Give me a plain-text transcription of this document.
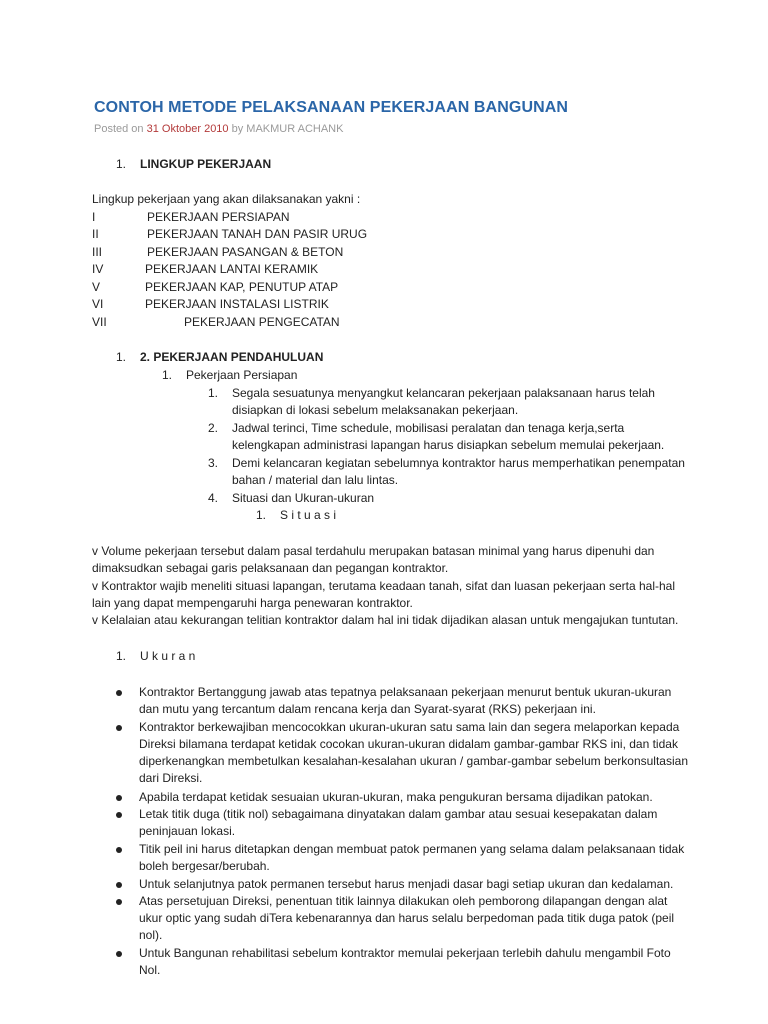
CONTOH METODE PELAKSANAAN PEKERJAAN BANGUNAN
Posted on 31 Oktober 2010 by MAKMUR ACHANK
1. LINGKUP PEKERJAAN
Lingkup pekerjaan yang akan dilaksanakan yakni :
I	PEKERJAAN PERSIAPAN
II	PEKERJAAN TANAH DAN PASIR URUG
III	PEKERJAAN PASANGAN & BETON
IV	PEKERJAAN LANTAI KERAMIK
V	PEKERJAAN KAP, PENUTUP ATAP
VI	PEKERJAAN INSTALASI LISTRIK
VII	PEKERJAAN PENGECATAN
1. 2. PEKERJAAN PENDAHULUAN
1. Pekerjaan Persiapan
1. Segala sesuatunya menyangkut kelancaran pekerjaan palaksanaan harus telah
disiapkan di lokasi sebelum melaksanakan pekerjaan.
2. Jadwal terinci, Time schedule, mobilisasi peralatan dan tenaga kerja,serta
kelengkapan administrasi lapangan harus disiapkan sebelum memulai pekerjaan.
3. Demi kelancaran kegiatan sebelumnya kontraktor harus memperhatikan penempatan
bahan / material dan lalu lintas.
4. Situasi dan Ukuran-ukuran
1. S i t u a s i
v Volume pekerjaan tersebut dalam pasal terdahulu merupakan batasan minimal yang harus dipenuhi dan
dimaksudkan sebagai garis pelaksanaan dan pegangan kontraktor.
v Kontraktor wajib meneliti situasi lapangan, terutama keadaan tanah, sifat dan luasan pekerjaan serta hal-hal
lain yang dapat mempengaruhi harga penewaran kontraktor.
v Kelalaian atau kekurangan telitian kontraktor dalam hal ini tidak dijadikan alasan untuk mengajukan tuntutan.
1. U k u r a n
Kontraktor Bertanggung jawab atas tepatnya pelaksanaan pekerjaan menurut bentuk ukuran-ukuran
dan mutu yang tercantum dalam rencana kerja dan Syarat-syarat (RKS) pekerjaan ini.
Kontraktor berkewajiban mencocokkan ukuran-ukuran satu sama lain dan segera melaporkan kepada
Direksi bilamana terdapat ketidak cocokan ukuran-ukuran didalam gambar-gambar RKS ini, dan tidak
diperkenangkan membetulkan kesalahan-kesalahan ukuran / gambar-gambar sebelum berkonsultasian
dari Direksi.
Apabila terdapat ketidak sesuaian ukuran-ukuran, maka pengukuran bersama dijadikan patokan.
Letak titik duga (titik nol) sebagaimana dinyatakan dalam gambar atau sesuai kesepakatan dalam
peninjauan lokasi.
Titik peil ini harus ditetapkan dengan membuat patok permanen yang selama dalam pelaksanaan tidak
boleh bergesar/berubah.
Untuk selanjutnya patok permanen tersebut harus menjadi dasar bagi setiap ukuran dan kedalaman.
Atas persetujuan Direksi, penentuan titik lainnya dilakukan oleh pemborong dilapangan dengan alat
ukur optic yang sudah diTera kebenarannya dan harus selalu berpedoman pada titik duga patok (peil
nol).
Untuk Bangunan rehabilitasi sebelum kontraktor memulai pekerjaan terlebih dahulu mengambil Foto
Nol.
